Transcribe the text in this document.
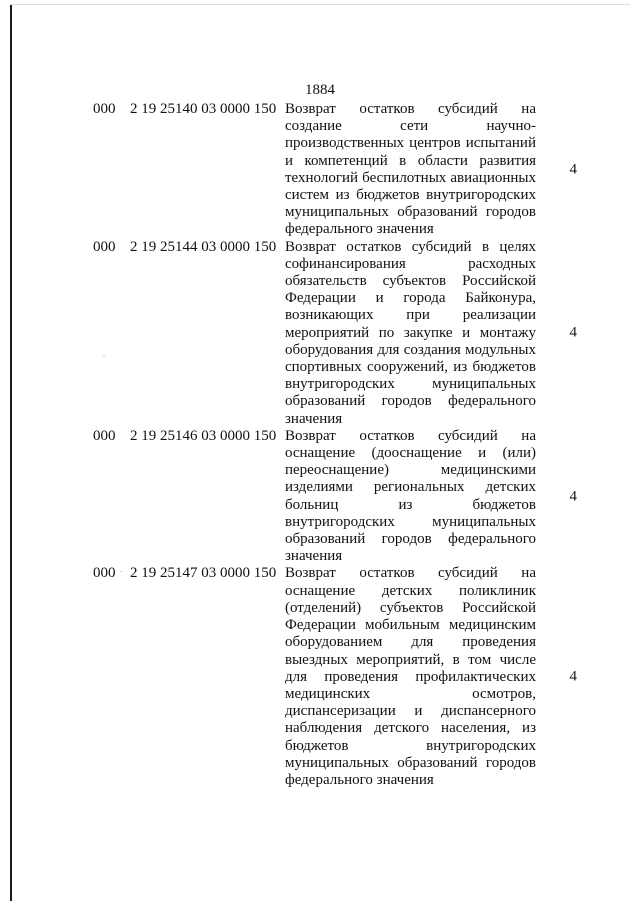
1884
000 2 19 25140 03 0000 150 Возврат остатков субсидий на создание сети научно-производственных центров испытаний и компетенций в области развития технологий беспилотных авиационных систем из бюджетов внутригородских муниципальных образований городов федерального значения
4
000 2 19 25144 03 0000 150 Возврат остатков субсидий в целях софинансирования расходных обязательств субъектов Российской Федерации и города Байконура, возникающих при реализации мероприятий по закупке и монтажу оборудования для создания модульных спортивных сооружений, из бюджетов внутригородских муниципальных образований городов федерального значения
4
000 2 19 25146 03 0000 150 Возврат остатков субсидий на оснащение (дооснащение и (или) переоснащение) медицинскими изделиями региональных детских больниц из бюджетов внутригородских муниципальных образований городов федерального значения
4
000 2 19 25147 03 0000 150 Возврат остатков субсидий на оснащение детских поликлиник (отделений) субъектов Российской Федерации мобильным медицинским оборудованием для проведения выездных мероприятий, в том числе для проведения профилактических медицинских осмотров, диспансеризации и диспансерного наблюдения детского населения, из бюджетов внутригородских муниципальных образований городов федерального значения
4
.
.
